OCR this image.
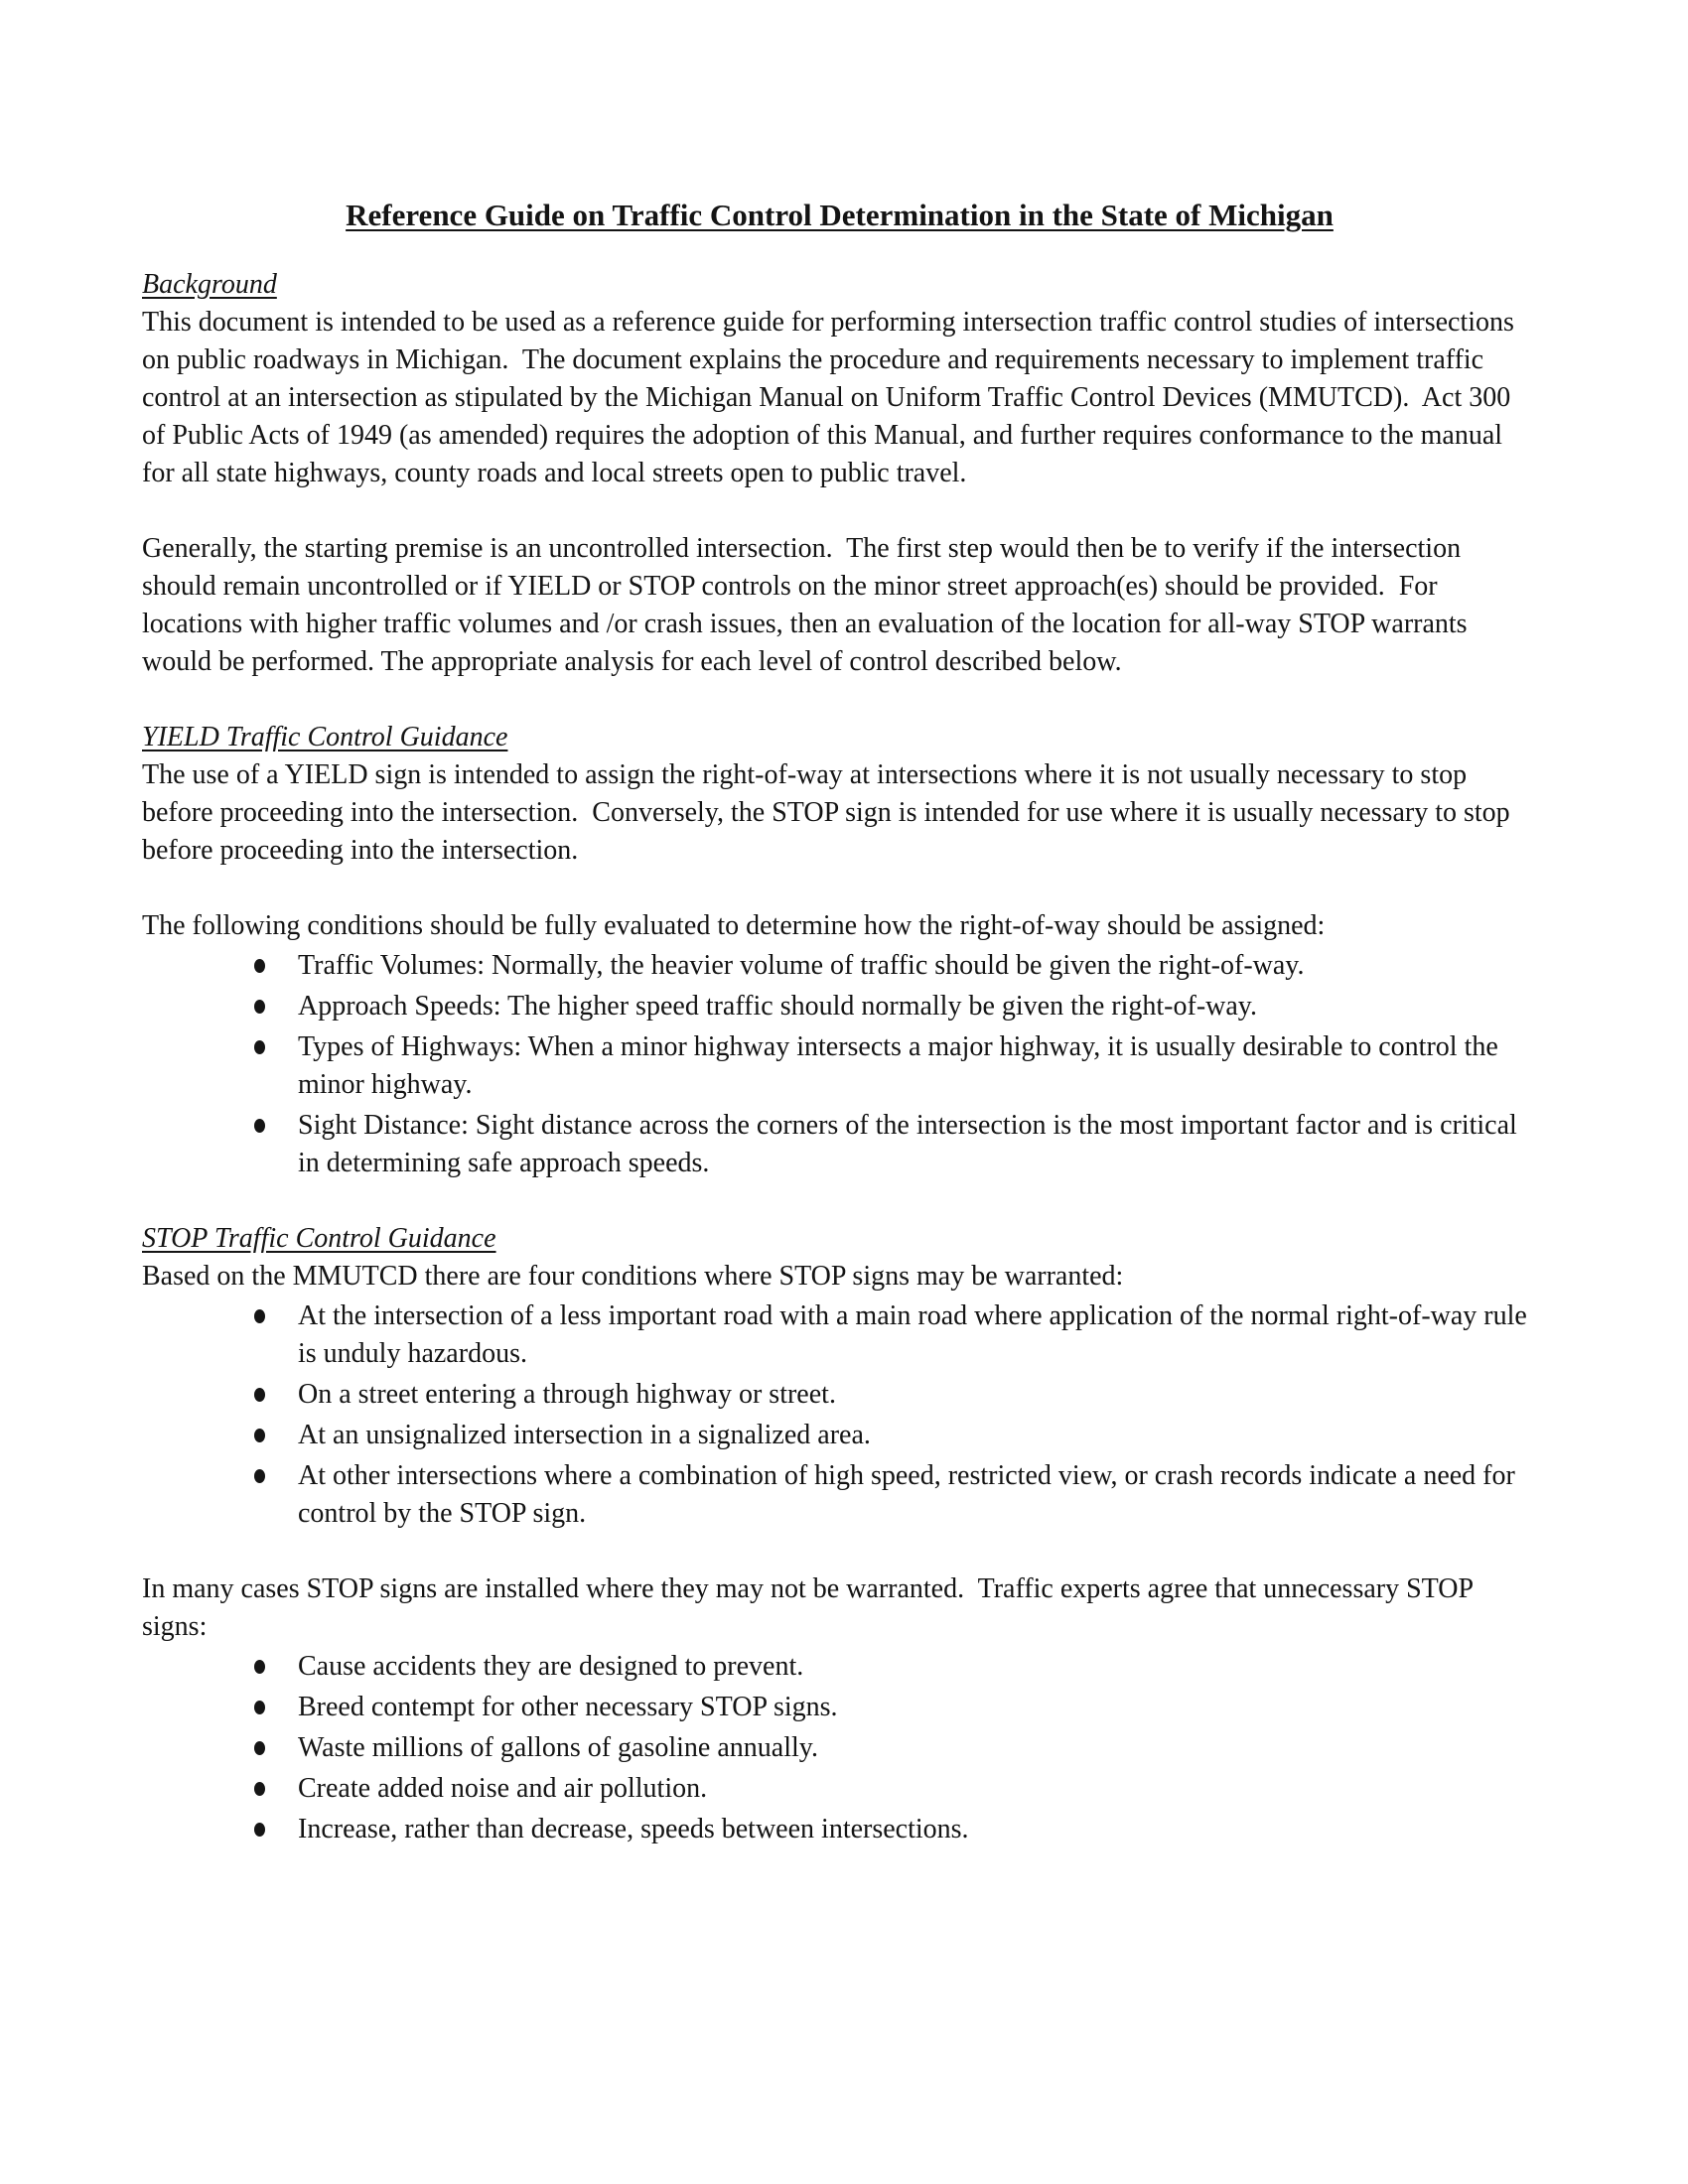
Reference Guide on Traffic Control Determination in the State of Michigan
Background

This document is intended to be used as a reference guide for performing intersection traffic control studies of intersections on public roadways in Michigan.  The document explains the procedure and requirements necessary to implement traffic control at an intersection as stipulated by the Michigan Manual on Uniform Traffic Control Devices (MMUTCD).  Act 300 of Public Acts of 1949 (as amended) requires the adoption of this Manual, and further requires conformance to the manual for all state highways, county roads and local streets open to public travel.

Generally, the starting premise is an uncontrolled intersection.  The first step would then be to verify if the intersection should remain uncontrolled or if YIELD or STOP controls on the minor street approach(es) should be provided.  For locations with higher traffic volumes and /or crash issues, then an evaluation of the location for all-way STOP warrants would be performed. The appropriate analysis for each level of control described below.

YIELD Traffic Control Guidance

The use of a YIELD sign is intended to assign the right-of-way at intersections where it is not usually necessary to stop before proceeding into the intersection.  Conversely, the STOP sign is intended for use where it is usually necessary to stop before proceeding into the intersection.

The following conditions should be fully evaluated to determine how the right-of-way should be assigned:

Traffic Volumes: Normally, the heavier volume of traffic should be given the right-of-way.
Approach Speeds: The higher speed traffic should normally be given the right-of-way.
Types of Highways: When a minor highway intersects a major highway, it is usually desirable to control the minor highway.
Sight Distance: Sight distance across the corners of the intersection is the most important factor and is critical in determining safe approach speeds.
STOP Traffic Control Guidance

Based on the MMUTCD there are four conditions where STOP signs may be warranted:

At the intersection of a less important road with a main road where application of the normal right-of-way rule is unduly hazardous.
On a street entering a through highway or street.
At an unsignalized intersection in a signalized area.
At other intersections where a combination of high speed, restricted view, or crash records indicate a need for control by the STOP sign.

In many cases STOP signs are installed where they may not be warranted.  Traffic experts agree that unnecessary STOP signs:

Cause accidents they are designed to prevent.
Breed contempt for other necessary STOP signs.
Waste millions of gallons of gasoline annually.
Create added noise and air pollution.
Increase, rather than decrease, speeds between intersections.
